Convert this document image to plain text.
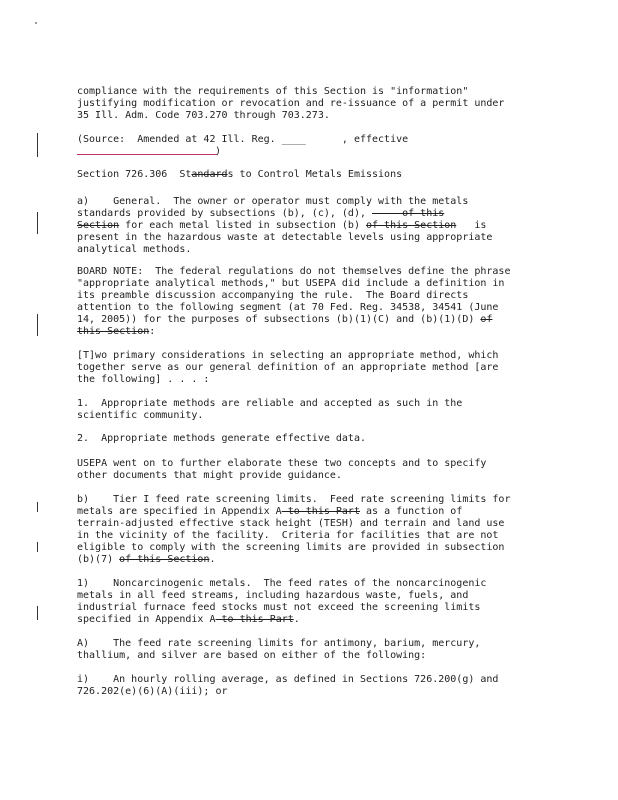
compliance with the requirements of this Section is "information"
justifying modification or revocation and re-issuance of a permit under
35 Ill. Adm. Code 703.270 through 703.273.
(Source:  Amended at 42 Ill. Reg. ____      , effective
)
Section 726.306  Standards to Control Metals Emissions
a)    General.  The owner or operator must comply with the metals
standards provided by subsections (b), (c), (d),      of this
Section for each metal listed in subsection (b) of this Section   is
present in the hazardous waste at detectable levels using appropriate
analytical methods.
BOARD NOTE:  The federal regulations do not themselves define the phrase
"appropriate analytical methods," but USEPA did include a definition in
its preamble discussion accompanying the rule.  The Board directs
attention to the following segment (at 70 Fed. Reg. 34538, 34541 (June
14, 2005)) for the purposes of subsections (b)(1)(C) and (b)(1)(D) of
this Section:
[T]wo primary considerations in selecting an appropriate method, which
together serve as our general definition of an appropriate method [are
the following] . . . :
1.  Appropriate methods are reliable and accepted as such in the
scientific community.
2.  Appropriate methods generate effective data.
USEPA went on to further elaborate these two concepts and to specify
other documents that might provide guidance.
b)    Tier I feed rate screening limits.  Feed rate screening limits for
metals are specified in Appendix A to this Part as a function of
terrain-adjusted effective stack height (TESH) and terrain and land use
in the vicinity of the facility.  Criteria for facilities that are not
eligible to comply with the screening limits are provided in subsection
(b)(7) of this Section.
1)    Noncarcinogenic metals.  The feed rates of the noncarcinogenic
metals in all feed streams, including hazardous waste, fuels, and
industrial furnace feed stocks must not exceed the screening limits
specified in Appendix A to this Part.
A)    The feed rate screening limits for antimony, barium, mercury,
thallium, and silver are based on either of the following:
i)    An hourly rolling average, as defined in Sections 726.200(g) and
726.202(e)(6)(A)(iii); or
